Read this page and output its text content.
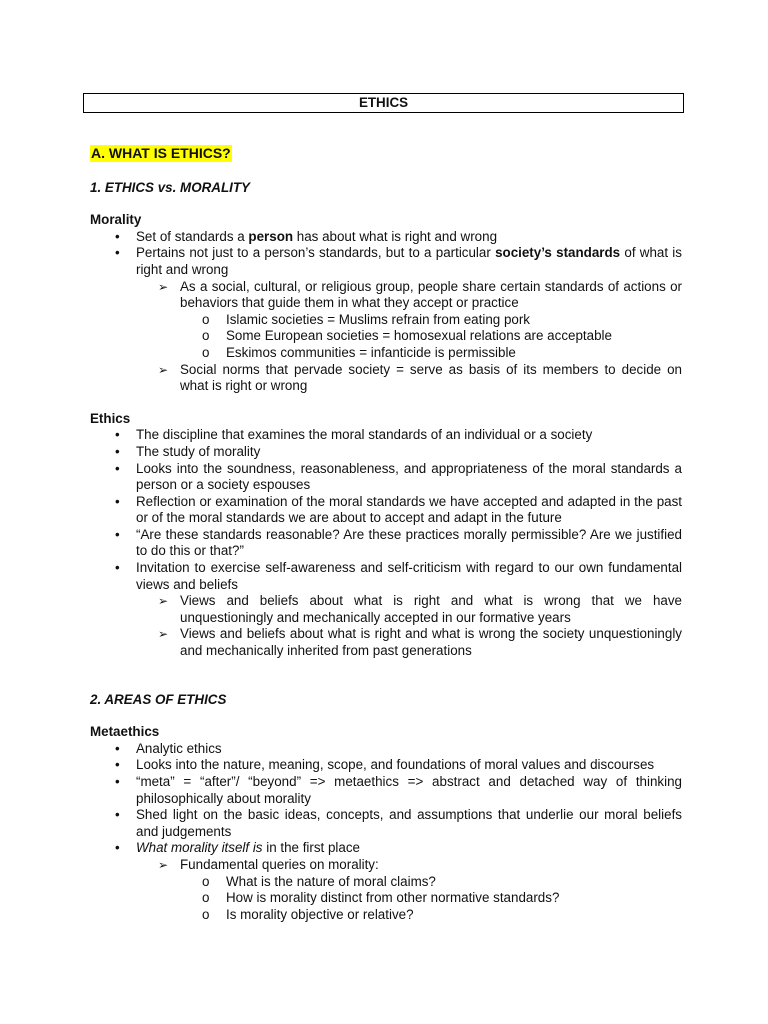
ETHICS
A. WHAT IS ETHICS?
1. ETHICS vs. MORALITY
Morality
• Set of standards a person has about what is right and wrong
• Pertains not just to a person’s standards, but to a particular society’s standards of what is right and wrong
➢ As a social, cultural, or religious group, people share certain standards of actions or behaviors that guide them in what they accept or practice
o Islamic societies = Muslims refrain from eating pork
o Some European societies = homosexual relations are acceptable
o Eskimos communities = infanticide is permissible
➢ Social norms that pervade society = serve as basis of its members to decide on what is right or wrong
Ethics
• The discipline that examines the moral standards of an individual or a society
• The study of morality
• Looks into the soundness, reasonableness, and appropriateness of the moral standards a person or a society espouses
• Reflection or examination of the moral standards we have accepted and adapted in the past or of the moral standards we are about to accept and adapt in the future
• “Are these standards reasonable? Are these practices morally permissible? Are we justified to do this or that?”
• Invitation to exercise self-awareness and self-criticism with regard to our own fundamental views and beliefs
➢ Views and beliefs about what is right and what is wrong that we have unquestioningly and mechanically accepted in our formative years
➢ Views and beliefs about what is right and what is wrong the society unquestioningly and mechanically inherited from past generations
2. AREAS OF ETHICS
Metaethics
• Analytic ethics
• Looks into the nature, meaning, scope, and foundations of moral values and discourses
• “meta” = “after”/ “beyond” => metaethics => abstract and detached way of thinking philosophically about morality
• Shed light on the basic ideas, concepts, and assumptions that underlie our moral beliefs and judgements
• What morality itself is in the first place
➢ Fundamental queries on morality:
o What is the nature of moral claims?
o How is morality distinct from other normative standards?
o Is morality objective or relative?
